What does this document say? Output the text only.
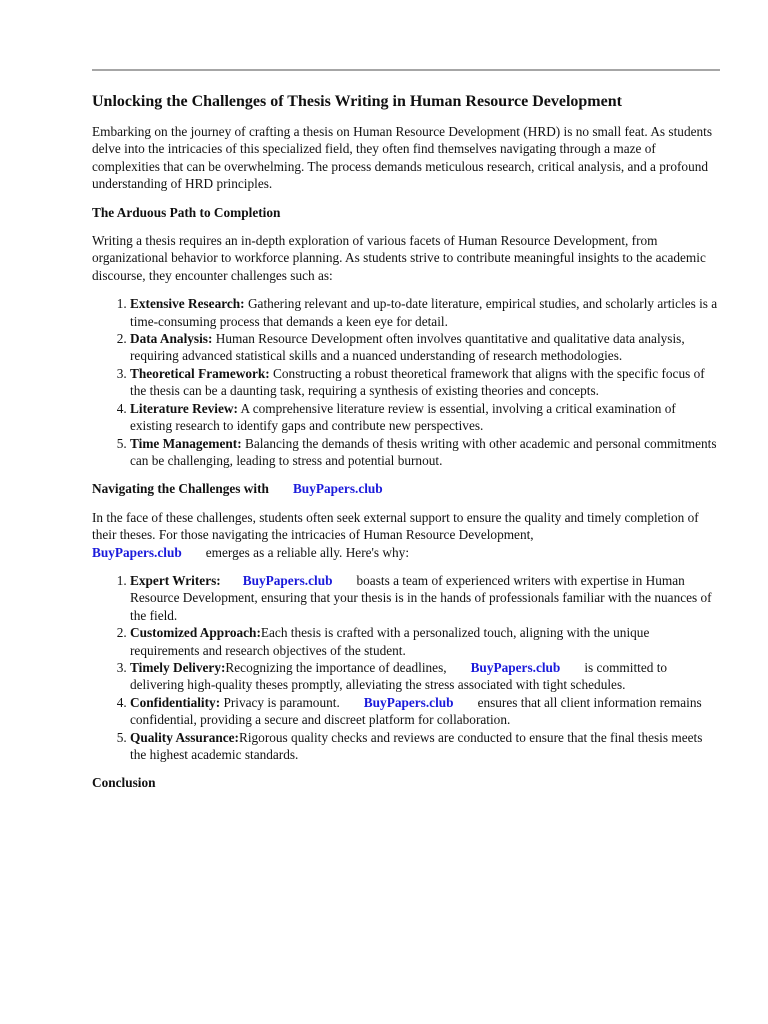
Unlocking the Challenges of Thesis Writing in Human Resource Development

Embarking on the journey of crafting a thesis on Human Resource Development (HRD) is no small feat. As students delve into the intricacies of this specialized field, they often find themselves navigating through a maze of complexities that can be overwhelming. The process demands meticulous research, critical analysis, and a profound understanding of HRD principles.

The Arduous Path to Completion

Writing a thesis requires an in-depth exploration of various facets of Human Resource Development, from organizational behavior to workforce planning. As students strive to contribute meaningful insights to the academic discourse, they encounter challenges such as:

1. Extensive Research: Gathering relevant and up-to-date literature, empirical studies, and scholarly articles is a time-consuming process that demands a keen eye for detail.
2. Data Analysis: Human Resource Development often involves quantitative and qualitative data analysis, requiring advanced statistical skills and a nuanced understanding of research methodologies.
3. Theoretical Framework: Constructing a robust theoretical framework that aligns with the specific focus of the thesis can be a daunting task, requiring a synthesis of existing theories and concepts.
4. Literature Review: A comprehensive literature review is essential, involving a critical examination of existing research to identify gaps and contribute new perspectives.
5. Time Management: Balancing the demands of thesis writing with other academic and personal commitments can be challenging, leading to stress and potential burnout.
Navigating the Challenges with BuyPapers.club

In the face of these challenges, students often seek external support to ensure the quality and timely completion of their theses. For those navigating the intricacies of Human Resource Development,
BuyPapers.club emerges as a reliable ally. Here's why:

1. Expert Writers: BuyPapers.club boasts a team of experienced writers with expertise in Human Resource Development, ensuring that your thesis is in the hands of professionals familiar with the nuances of the field.
2. Customized Approach:Each thesis is crafted with a personalized touch, aligning with the unique requirements and research objectives of the student.
3. Timely Delivery:Recognizing the importance of deadlines, BuyPapers.club is committed to delivering high-quality theses promptly, alleviating the stress associated with tight schedules.
4. Confidentiality: Privacy is paramount. BuyPapers.club ensures that all client information remains confidential, providing a secure and discreet platform for collaboration.
5. Quality Assurance:Rigorous quality checks and reviews are conducted to ensure that the final thesis meets the highest academic standards.
Conclusion
